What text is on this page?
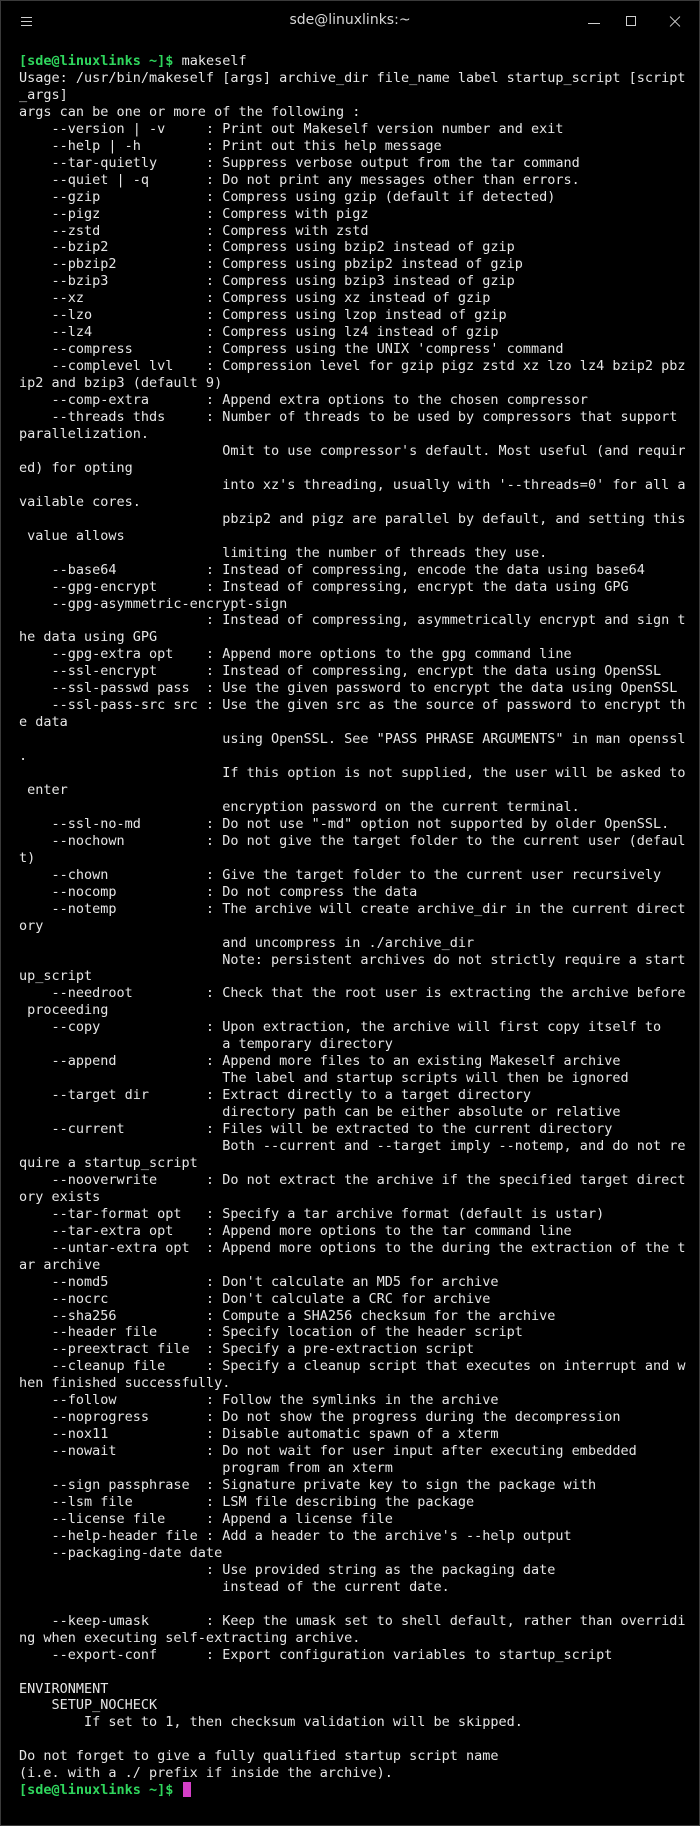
sde@linuxlinks:~
[sde@linuxlinks ~]$ makeself
Usage: /usr/bin/makeself [args] archive_dir file_name label startup_script [script
_args]
args can be one or more of the following :
--version | -v     : Print out Makeself version number and exit
--help | -h        : Print out this help message
--tar-quietly      : Suppress verbose output from the tar command
--quiet | -q       : Do not print any messages other than errors.
--gzip             : Compress using gzip (default if detected)
--pigz             : Compress with pigz
--zstd             : Compress with zstd
--bzip2            : Compress using bzip2 instead of gzip
--pbzip2           : Compress using pbzip2 instead of gzip
--bzip3            : Compress using bzip3 instead of gzip
--xz               : Compress using xz instead of gzip
--lzo              : Compress using lzop instead of gzip
--lz4              : Compress using lz4 instead of gzip
--compress         : Compress using the UNIX 'compress' command
--complevel lvl    : Compression level for gzip pigz zstd xz lzo lz4 bzip2 pbz
ip2 and bzip3 (default 9)
--comp-extra       : Append extra options to the chosen compressor
--threads thds     : Number of threads to be used by compressors that support
parallelization.
Omit to use compressor's default. Most useful (and requir
ed) for opting
into xz's threading, usually with '--threads=0' for all a
vailable cores.
pbzip2 and pigz are parallel by default, and setting this
value allows
limiting the number of threads they use.
--base64           : Instead of compressing, encode the data using base64
--gpg-encrypt      : Instead of compressing, encrypt the data using GPG
--gpg-asymmetric-encrypt-sign
: Instead of compressing, asymmetrically encrypt and sign t
he data using GPG
--gpg-extra opt    : Append more options to the gpg command line
--ssl-encrypt      : Instead of compressing, encrypt the data using OpenSSL
--ssl-passwd pass  : Use the given password to encrypt the data using OpenSSL
--ssl-pass-src src : Use the given src as the source of password to encrypt th
e data
using OpenSSL. See "PASS PHRASE ARGUMENTS" in man openssl
.
If this option is not supplied, the user will be asked to
enter
encryption password on the current terminal.
--ssl-no-md        : Do not use "-md" option not supported by older OpenSSL.
--nochown          : Do not give the target folder to the current user (defaul
t)
--chown            : Give the target folder to the current user recursively
--nocomp           : Do not compress the data
--notemp           : The archive will create archive_dir in the current direct
ory
and uncompress in ./archive_dir
Note: persistent archives do not strictly require a start
up_script
--needroot         : Check that the root user is extracting the archive before
proceeding
--copy             : Upon extraction, the archive will first copy itself to
a temporary directory
--append           : Append more files to an existing Makeself archive
The label and startup scripts will then be ignored
--target dir       : Extract directly to a target directory
directory path can be either absolute or relative
--current          : Files will be extracted to the current directory
Both --current and --target imply --notemp, and do not re
quire a startup_script
--nooverwrite      : Do not extract the archive if the specified target direct
ory exists
--tar-format opt   : Specify a tar archive format (default is ustar)
--tar-extra opt    : Append more options to the tar command line
--untar-extra opt  : Append more options to the during the extraction of the t
ar archive
--nomd5            : Don't calculate an MD5 for archive
--nocrc            : Don't calculate a CRC for archive
--sha256           : Compute a SHA256 checksum for the archive
--header file      : Specify location of the header script
--preextract file  : Specify a pre-extraction script
--cleanup file     : Specify a cleanup script that executes on interrupt and w
hen finished successfully.
--follow           : Follow the symlinks in the archive
--noprogress       : Do not show the progress during the decompression
--nox11            : Disable automatic spawn of a xterm
--nowait           : Do not wait for user input after executing embedded
program from an xterm
--sign passphrase  : Signature private key to sign the package with
--lsm file         : LSM file describing the package
--license file     : Append a license file
--help-header file : Add a header to the archive's --help output
--packaging-date date
: Use provided string as the packaging date
instead of the current date.
--keep-umask       : Keep the umask set to shell default, rather than overridi
ng when executing self-extracting archive.
--export-conf      : Export configuration variables to startup_script
ENVIRONMENT
SETUP_NOCHECK
If set to 1, then checksum validation will be skipped.
Do not forget to give a fully qualified startup script name
(i.e. with a ./ prefix if inside the archive).
[sde@linuxlinks ~]$
